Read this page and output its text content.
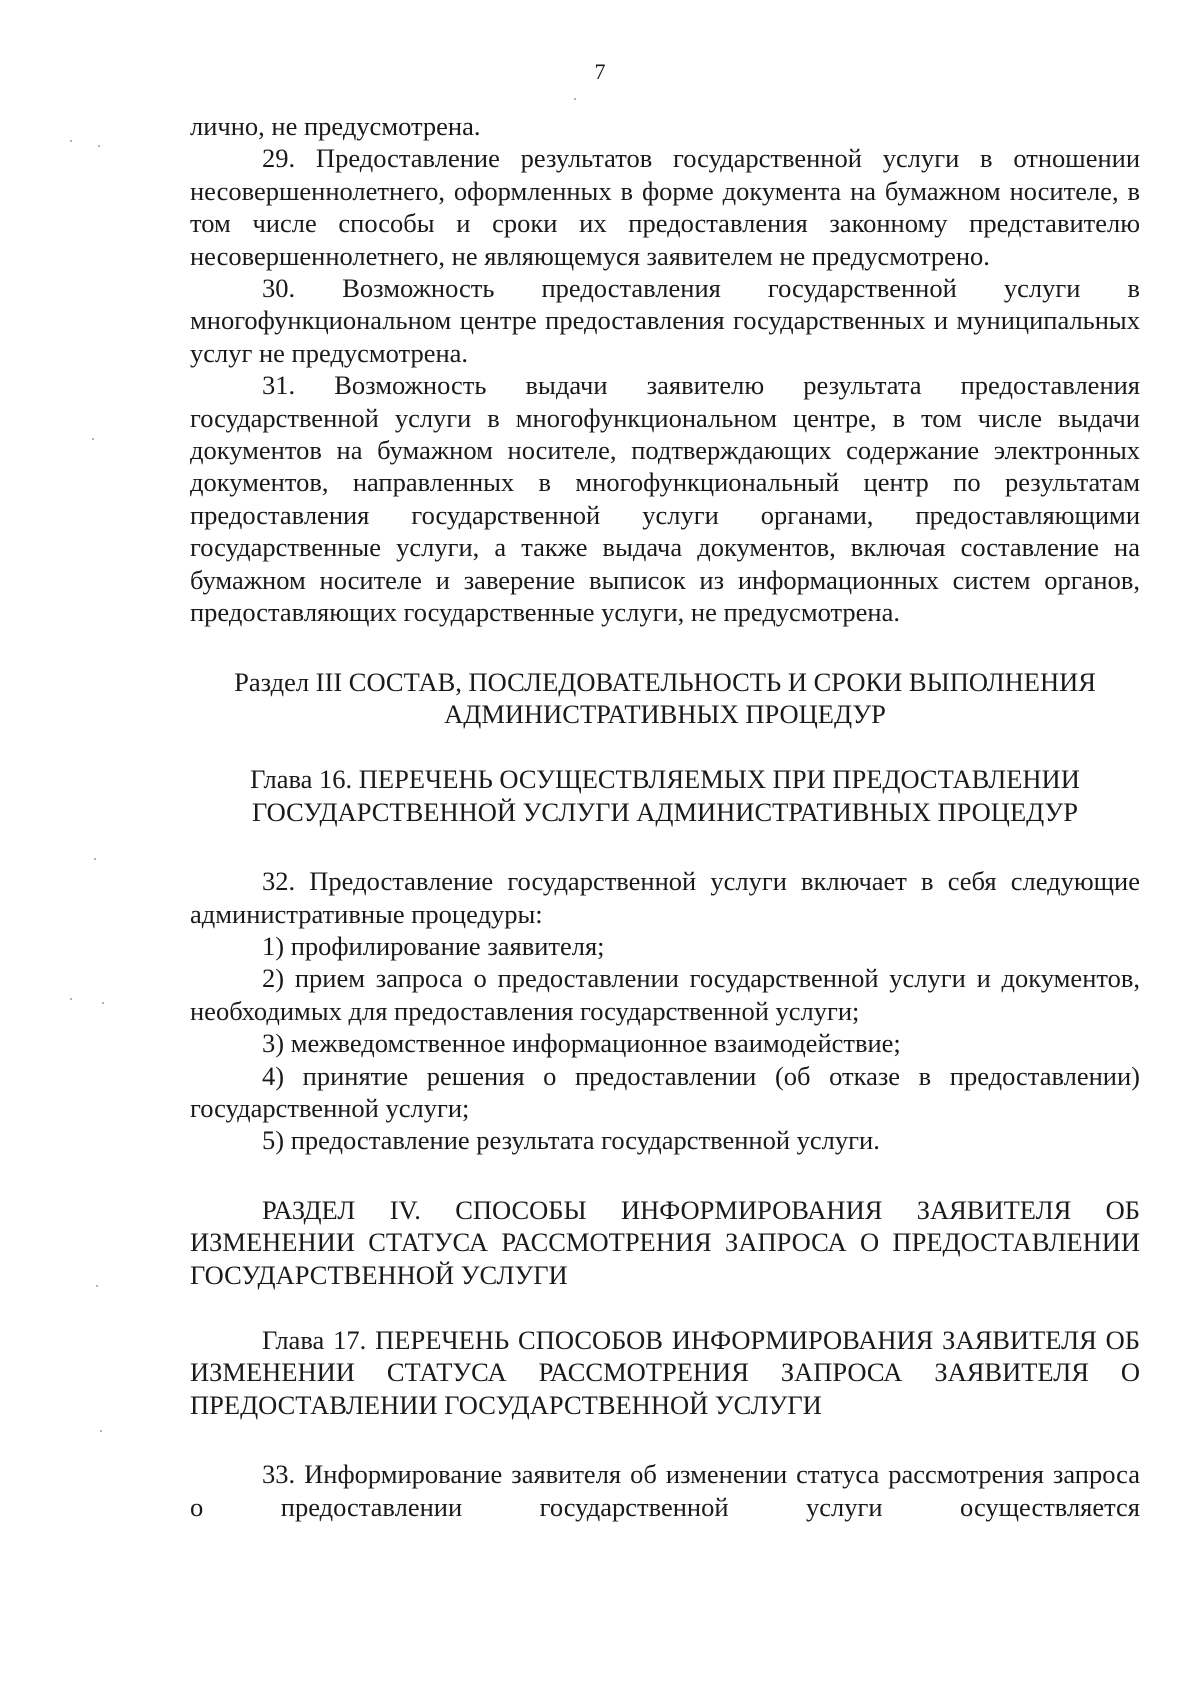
7

лично, не предусмотрена.

29. Предоставление результатов государственной услуги в отношении несовершеннолетнего, оформленных в форме документа на бумажном носителе, в том числе способы и сроки их предоставления законному представителю несовершеннолетнего, не являющемуся заявителем не предусмотрено.

30. Возможность предоставления государственной услуги в многофункциональном центре предоставления государственных и муниципальных услуг не предусмотрена.

31. Возможность выдачи заявителю результата предоставления государственной услуги в многофункциональном центре, в том числе выдачи документов на бумажном носителе, подтверждающих содержание электронных документов, направленных в многофункциональный центр по результатам предоставления государственной услуги органами, предоставляющими государственные услуги, а также выдача документов, включая составление на бумажном носителе и заверение выписок из информационных систем органов, предоставляющих государственные услуги, не предусмотрена.

Раздел III СОСТАВ, ПОСЛЕДОВАТЕЛЬНОСТЬ И СРОКИ ВЫПОЛНЕНИЯ

АДМИНИСТРАТИВНЫХ ПРОЦЕДУР

Глава 16. ПЕРЕЧЕНЬ ОСУЩЕСТВЛЯЕМЫХ ПРИ ПРЕДОСТАВЛЕНИИ

ГОСУДАРСТВЕННОЙ УСЛУГИ АДМИНИСТРАТИВНЫХ ПРОЦЕДУР

32. Предоставление государственной услуги включает в себя следующие административные процедуры:

1) профилирование заявителя;

2) прием запроса о предоставлении государственной услуги и документов, необходимых для предоставления государственной услуги;

3) межведомственное информационное взаимодействие;

4) принятие решения о предоставлении (об отказе в предоставлении) государственной услуги;

5) предоставление результата государственной услуги.

РАЗДЕЛ IV. СПОСОБЫ ИНФОРМИРОВАНИЯ ЗАЯВИТЕЛЯ ОБ ИЗМЕНЕНИИ СТАТУСА РАССМОТРЕНИЯ ЗАПРОСА О ПРЕДОСТАВЛЕНИИ ГОСУДАРСТВЕННОЙ УСЛУГИ

Глава 17. ПЕРЕЧЕНЬ СПОСОБОВ ИНФОРМИРОВАНИЯ ЗАЯВИТЕЛЯ ОБ ИЗМЕНЕНИИ СТАТУСА РАССМОТРЕНИЯ ЗАПРОСА ЗАЯВИТЕЛЯ О ПРЕДОСТАВЛЕНИИ ГОСУДАРСТВЕННОЙ УСЛУГИ

33. Информирование заявителя об изменении статуса рассмотрения запроса о предоставлении государственной услуги осуществляется
